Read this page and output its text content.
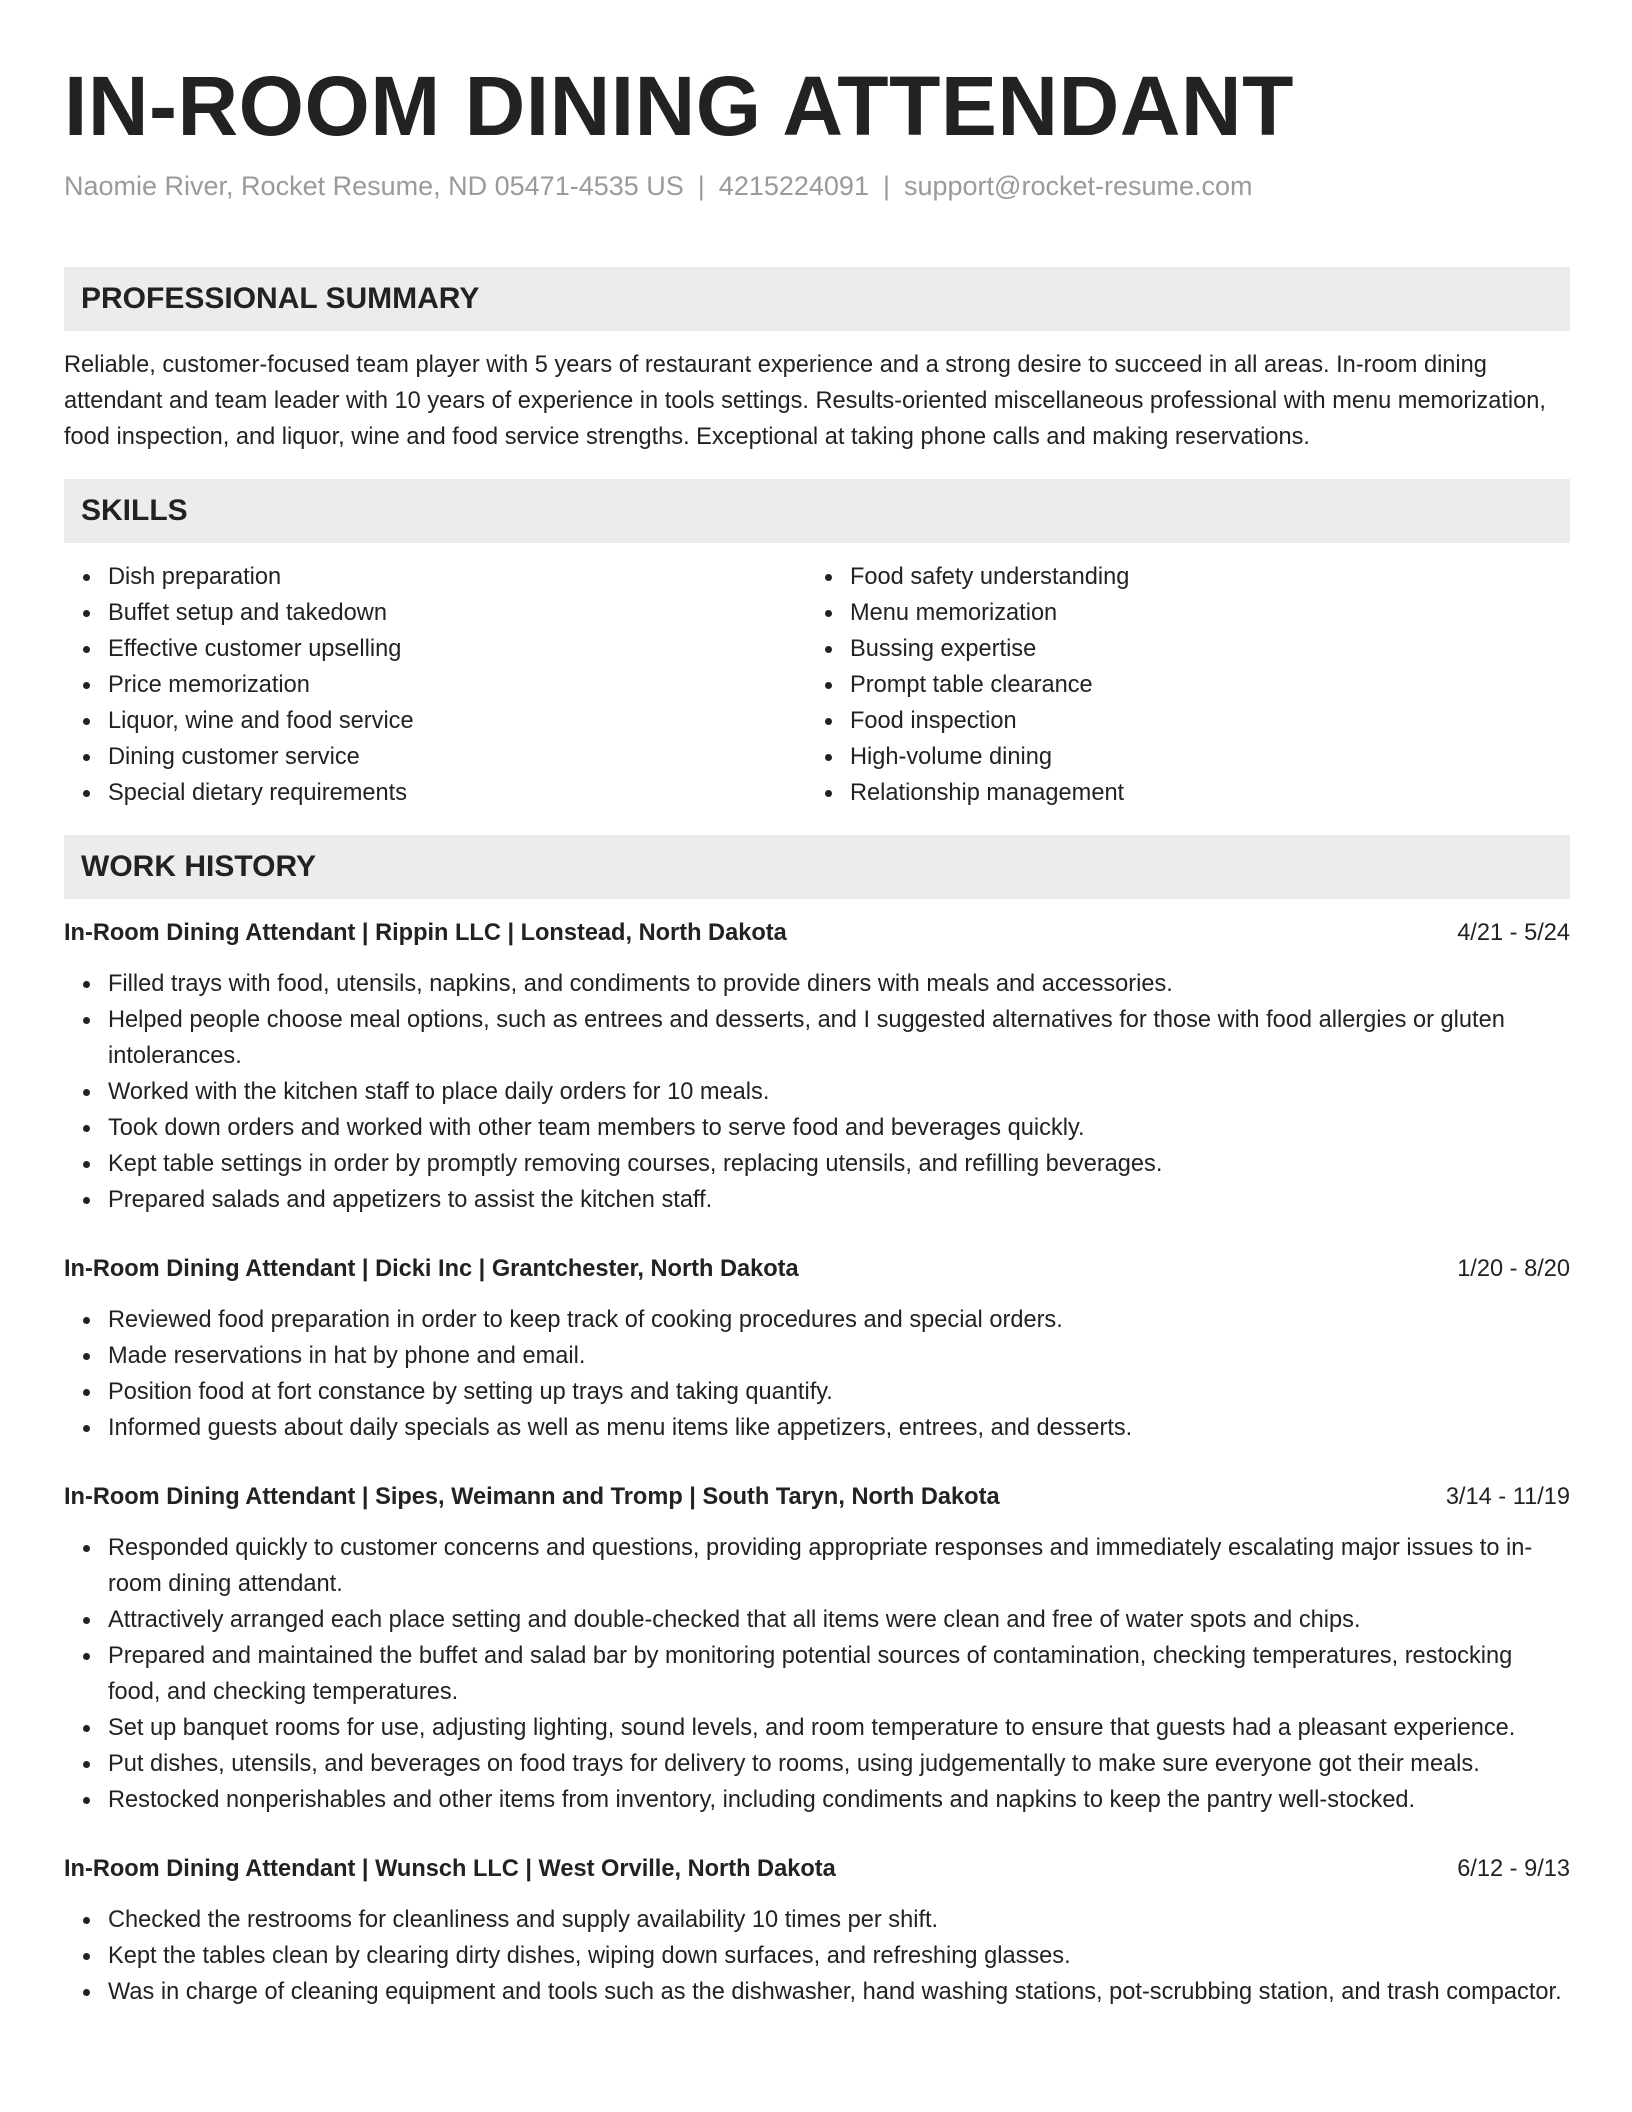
IN-ROOM DINING ATTENDANT
Naomie River, Rocket Resume, ND 05471-4535 US | 4215224091 | support@rocket-resume.com
PROFESSIONAL SUMMARY
Reliable, customer-focused team player with 5 years of restaurant experience and a strong desire to succeed in all areas. In-room dining attendant and team leader with 10 years of experience in tools settings. Results-oriented miscellaneous professional with menu memorization, food inspection, and liquor, wine and food service strengths. Exceptional at taking phone calls and making reservations.
SKILLS
Dish preparation
Buffet setup and takedown
Effective customer upselling
Price memorization
Liquor, wine and food service
Dining customer service
Special dietary requirements
Food safety understanding
Menu memorization
Bussing expertise
Prompt table clearance
Food inspection
High-volume dining
Relationship management
WORK HISTORY
In-Room Dining Attendant | Rippin LLC | Lonstead, North Dakota	4/21 - 5/24
Filled trays with food, utensils, napkins, and condiments to provide diners with meals and accessories.
Helped people choose meal options, such as entrees and desserts, and I suggested alternatives for those with food allergies or gluten intolerances.
Worked with the kitchen staff to place daily orders for 10 meals.
Took down orders and worked with other team members to serve food and beverages quickly.
Kept table settings in order by promptly removing courses, replacing utensils, and refilling beverages.
Prepared salads and appetizers to assist the kitchen staff.
In-Room Dining Attendant | Dicki Inc | Grantchester, North Dakota	1/20 - 8/20
Reviewed food preparation in order to keep track of cooking procedures and special orders.
Made reservations in hat by phone and email.
Position food at fort constance by setting up trays and taking quantify.
Informed guests about daily specials as well as menu items like appetizers, entrees, and desserts.
In-Room Dining Attendant | Sipes, Weimann and Tromp | South Taryn, North Dakota	3/14 - 11/19
Responded quickly to customer concerns and questions, providing appropriate responses and immediately escalating major issues to in-room dining attendant.
Attractively arranged each place setting and double-checked that all items were clean and free of water spots and chips.
Prepared and maintained the buffet and salad bar by monitoring potential sources of contamination, checking temperatures, restocking food, and checking temperatures.
Set up banquet rooms for use, adjusting lighting, sound levels, and room temperature to ensure that guests had a pleasant experience.
Put dishes, utensils, and beverages on food trays for delivery to rooms, using judgementally to make sure everyone got their meals.
Restocked nonperishables and other items from inventory, including condiments and napkins to keep the pantry well-stocked.
In-Room Dining Attendant | Wunsch LLC | West Orville, North Dakota	6/12 - 9/13
Checked the restrooms for cleanliness and supply availability 10 times per shift.
Kept the tables clean by clearing dirty dishes, wiping down surfaces, and refreshing glasses.
Was in charge of cleaning equipment and tools such as the dishwasher, hand washing stations, pot-scrubbing station, and trash compactor.
